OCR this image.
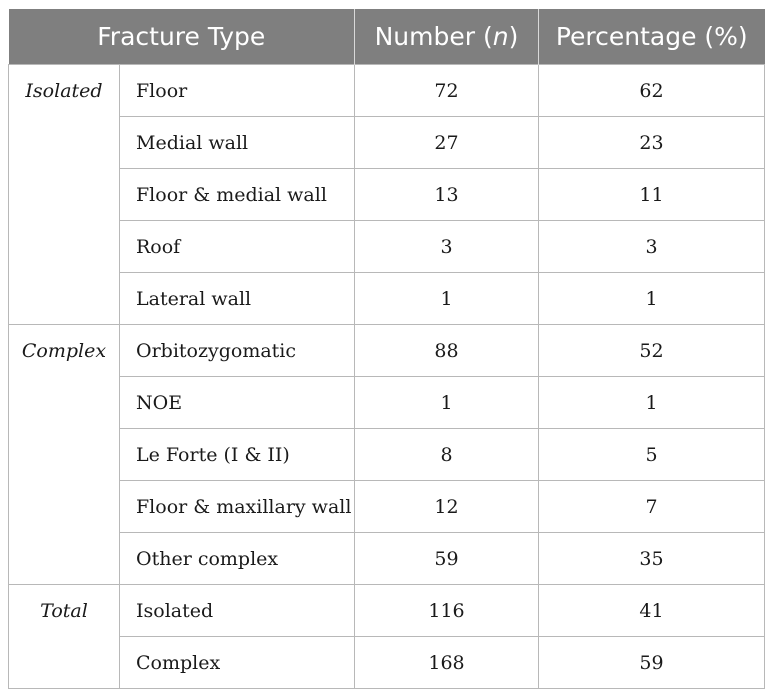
Fracture Type		Number (n)	Percentage (%)
Isolated	Floor	72	62
	Medial wall	27	23
	Floor & medial wall	13	11
	Roof	3	3
	Lateral wall	1	1
Complex	Orbitozygomatic	88	52
	NOE	1	1
	Le Forte (I & II)	8	5
	Floor & maxillary wall	12	7
	Other complex	59	35
Total	Isolated	116	41
	Complex	168	59
